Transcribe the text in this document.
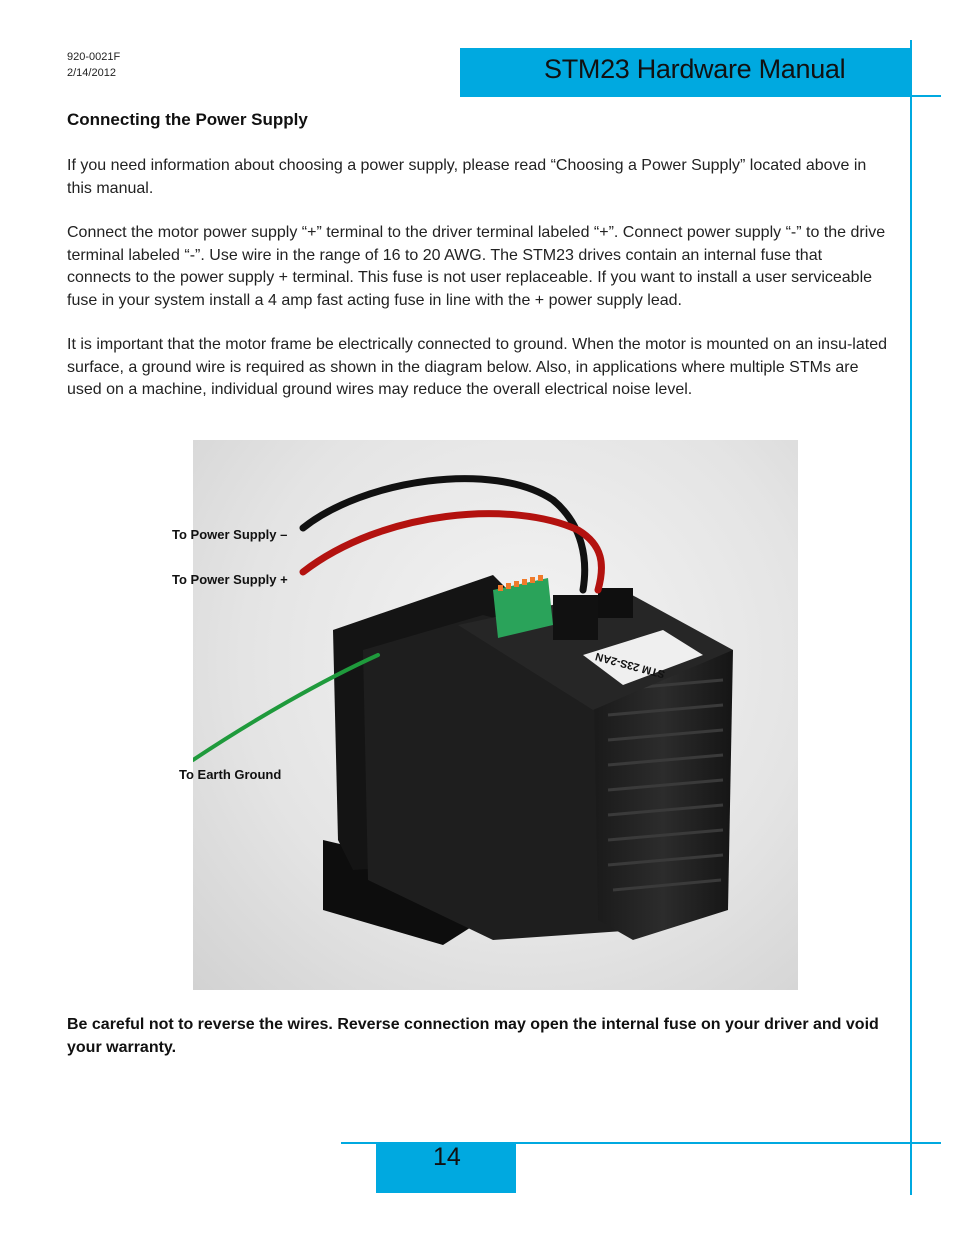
920-0021F
2/14/2012	STM23 Hardware Manual
Connecting the Power Supply

If you need information about choosing a power supply, please read “Choosing a Power Supply” located above in this manual.

Connect the motor power supply “+” terminal to the driver terminal labeled “+”. Connect power supply “-” to the drive terminal labeled “-”. Use wire in the range of 16 to 20 AWG. The STM23 drives contain an internal fuse that connects to the power supply + terminal. This fuse is not user replaceable. If you want to install a user serviceable fuse in your system install a 4 amp fast acting fuse in line with the + power supply lead.

It is important that the motor frame be electrically connected to ground. When the motor is mounted on an insu-lated surface, a ground wire is required as shown in the diagram below. Also, in applications where multiple STMs are used on a machine, individual ground wires may reduce the overall electrical noise level.

STM 23S-2AN
To Power Supply –
To Power Supply +
To Earth Ground

Be careful not to reverse the wires. Reverse connection may open the internal fuse on your driver and void your warranty.

14
